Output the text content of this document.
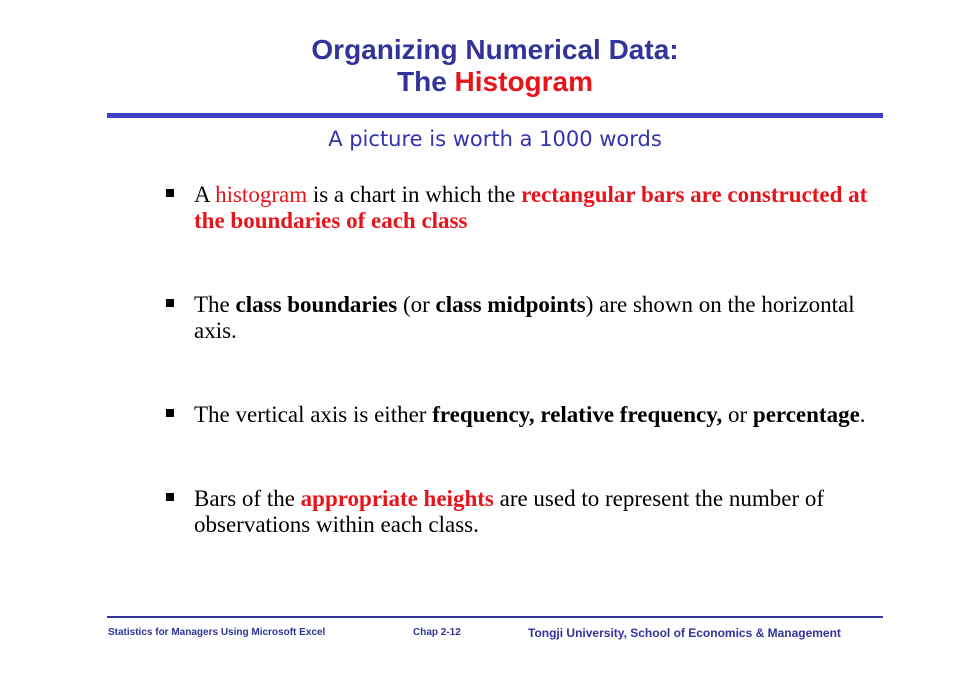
Organizing Numerical Data:
The Histogram
A picture is worth a 1000 words
A histogram is a chart in which the rectangular bars are constructed at the boundaries of each class
The class boundaries (or class midpoints) are shown on the horizontal axis.
The vertical axis is either frequency, relative frequency, or percentage.
Bars of the appropriate heights are used to represent the number of observations within each class.
Statistics for Managers Using Microsoft Excel	Chap 2-12	Tongji University, School of Economics & Management
